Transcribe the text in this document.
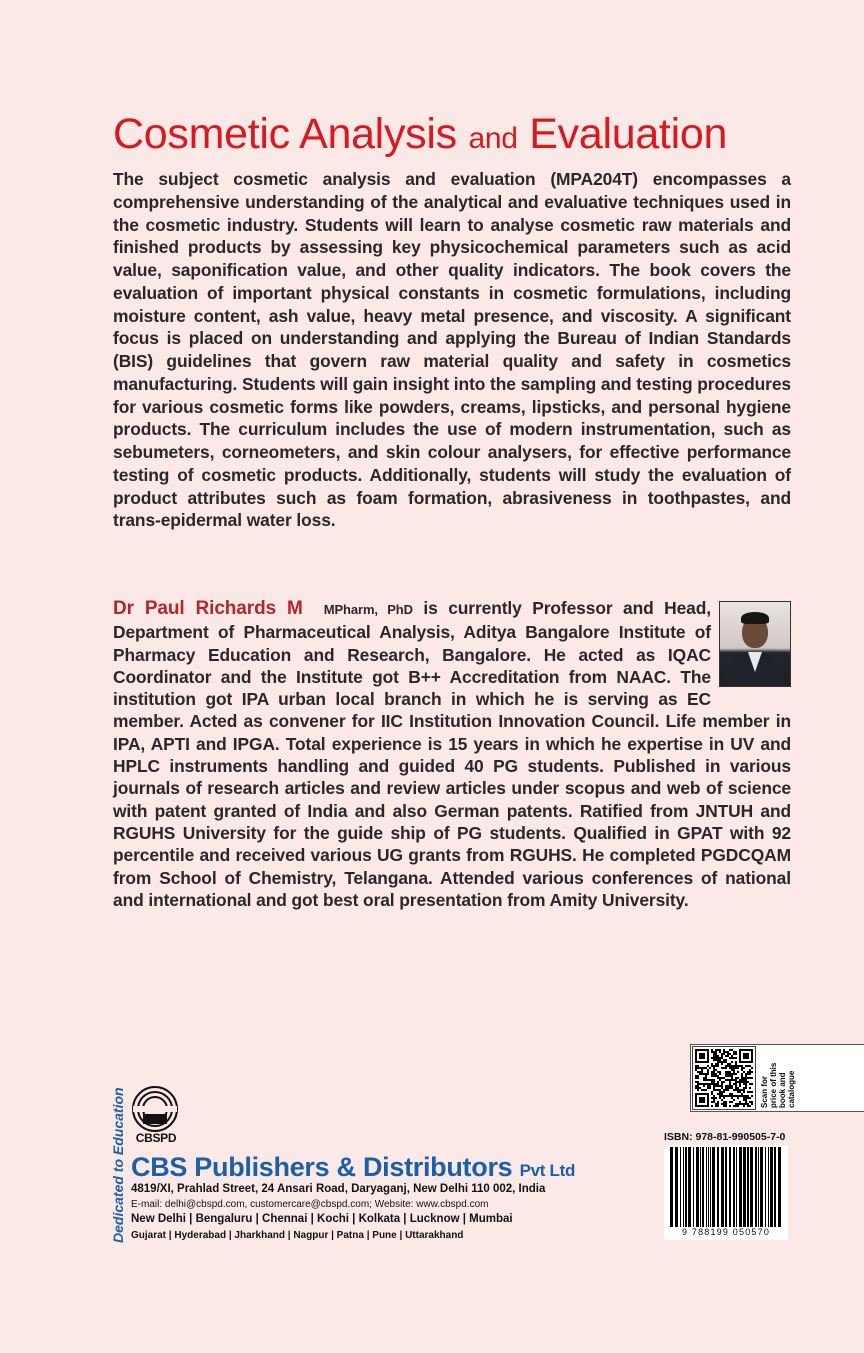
Cosmetic Analysis and Evaluation
The subject cosmetic analysis and evaluation (MPA204T) encompasses a comprehensive understanding of the analytical and evaluative techniques used in the cosmetic industry. Students will learn to analyse cosmetic raw materials and finished products by assessing key physicochemical parameters such as acid value, saponification value, and other quality indicators. The book covers the evaluation of important physical constants in cosmetic formulations, including moisture content, ash value, heavy metal presence, and viscosity. A significant focus is placed on understanding and applying the Bureau of Indian Standards (BIS) guidelines that govern raw material quality and safety in cosmetics manufacturing. Students will gain insight into the sampling and testing procedures for various cosmetic forms like powders, creams, lipsticks, and personal hygiene products. The curriculum includes the use of modern instrumentation, such as sebumeters, corneometers, and skin colour analysers, for effective performance testing of cosmetic products. Additionally, students will study the evaluation of product attributes such as foam formation, abrasiveness in toothpastes, and trans-epidermal water loss.
Dr Paul Richards M MPharm, PhD is currently Professor and Head, Department of Pharmaceutical Analysis, Aditya Bangalore Institute of Pharmacy Education and Research, Bangalore. He acted as IQAC Coordinator and the Institute got B++ Accreditation from NAAC. The institution got IPA urban local branch in which he is serving as EC member. Acted as convener for IIC Institution Innovation Council. Life member in IPA, APTI and IPGA. Total experience is 15 years in which he expertise in UV and HPLC instruments handling and guided 40 PG students. Published in various journals of research articles and review articles under scopus and web of science with patent granted of India and also German patents. Ratified from JNTUH and RGUHS University for the guide ship of PG students. Qualified in GPAT with 92 percentile and received various UG grants from RGUHS. He completed PGDCQAM from School of Chemistry, Telangana. Attended various conferences of national and international and got best oral presentation from Amity University.
Scan for
price of this
book and
catalogue
ISBN: 978-81-990505-7-0
9 788199 050570
CBSPD
Dedicated to Education CBS Publishers & Distributors Pvt Ltd
4819/XI, Prahlad Street, 24 Ansari Road, Daryaganj, New Delhi 110 002, India
E-mail: delhi@cbspd.com, customercare@cbspd.com; Website: www.cbspd.com
New Delhi | Bengaluru | Chennai | Kochi | Kolkata | Lucknow | Mumbai
Gujarat | Hyderabad | Jharkhand | Nagpur | Patna | Pune | Uttarakhand
